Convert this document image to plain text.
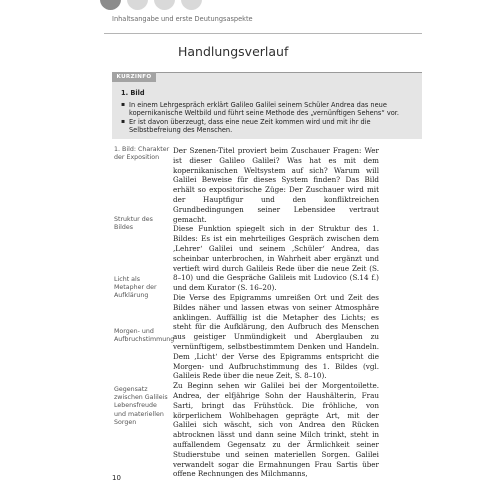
Inhaltsangabe und erste Deutungsaspekte
Handlungsverlauf
KURZINFO
1. Bild
▪ In einem Lehrgespräch erklärt Galileo Galilei seinem Schüler Andrea das neue kopernikanische Weltbild und führt seine Methode des „vernünftigen Sehens“ vor.
▪ Er ist davon überzeugt, dass eine neue Zeit kommen wird und mit ihr die Selbstbefreiung des Menschen.
1. Bild: Charakter der Exposition
Struktur des Bildes
Licht als Metapher der Aufklärung
Morgen- und Aufbruchstimmung
Gegensatz zwischen Galileis Lebensfreude und materiellen Sorgen

Der Szenen-Titel proviert beim Zuschauer Fragen: Wer ist dieser Galileo Galilei? Was hat es mit dem kopernikanischen Weltsystem auf sich? Warum will Galilei Beweise für dieses System finden? Das Bild erhält so expositorische Züge: Der Zuschauer wird mit der Hauptfigur und den konfliktreichen Grundbedingungen seiner Lebensidee vertraut gemacht.

Diese Funktion spiegelt sich in der Struktur des 1. Bildes: Es ist ein mehrteiliges Gespräch zwischen dem ‚Lehrer‘ Galilei und seinem ‚Schüler‘ Andrea, das scheinbar unterbrochen, in Wahrheit aber ergänzt und vertieft wird durch Galileis Rede über die neue Zeit (S. 8–10) und die Gespräche Galileis mit Ludovico (S.14 f.) und dem Kurator (S. 16–20).

Die Verse des Epigramms umreißen Ort und Zeit des Bildes näher und lassen etwas von seiner Atmosphäre anklingen. Auffällig ist die Metapher des Lichts; es steht für die Aufklärung, den Aufbruch des Menschen aus geistiger Unmündigkeit und Aberglauben zu vernünftigem, selbstbestimmtem Denken und Handeln. Dem ‚Licht‘ der Verse des Epigramms entspricht die Morgen- und Aufbruchstimmung des 1. Bildes (vgl. Galileis Rede über die neue Zeit, S. 8–10).

Zu Beginn sehen wir Galilei bei der Morgentoilette. Andrea, der elfjährige Sohn der Haushälterin, Frau Sarti, bringt das Frühstück. Die fröhliche, von körperlichem Wohlbehagen geprägte Art, mit der Galilei sich wäscht, sich von Andrea den Rücken abtrocknen lässt und dann seine Milch trinkt, steht in auffallendem Gegensatz zu der Ärmlichkeit seiner Studierstube und seinen materiellen Sorgen. Galilei verwandelt sogar die Ermahnungen Frau Sartis über offene Rechnungen des Milchmanns,

10
